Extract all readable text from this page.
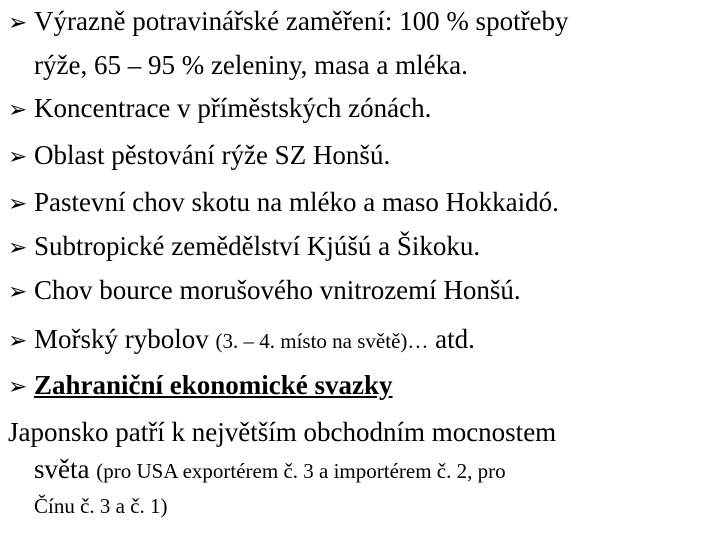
➢ Výrazně potravinářské zaměření: 100 % spotřeby
rýže, 65 – 95 % zeleniny, masa a mléka.
➢ Koncentrace v příměstských zónách.
➢ Oblast pěstování rýže SZ Honšú.
➢ Pastevní chov skotu na mléko a maso Hokkaidó.
➢ Subtropické zemědělství Kjúšú a Šikoku.
➢ Chov bource morušového vnitrozemí Honšú.
➢ Mořský rybolov (3. – 4. místo na světě)… atd.
➢ Zahraniční ekonomické svazky
Japonsko patří k největším obchodním mocnostem
světa (pro USA exportérem č. 3 a importérem č. 2, pro
Čínu č. 3 a č. 1)
